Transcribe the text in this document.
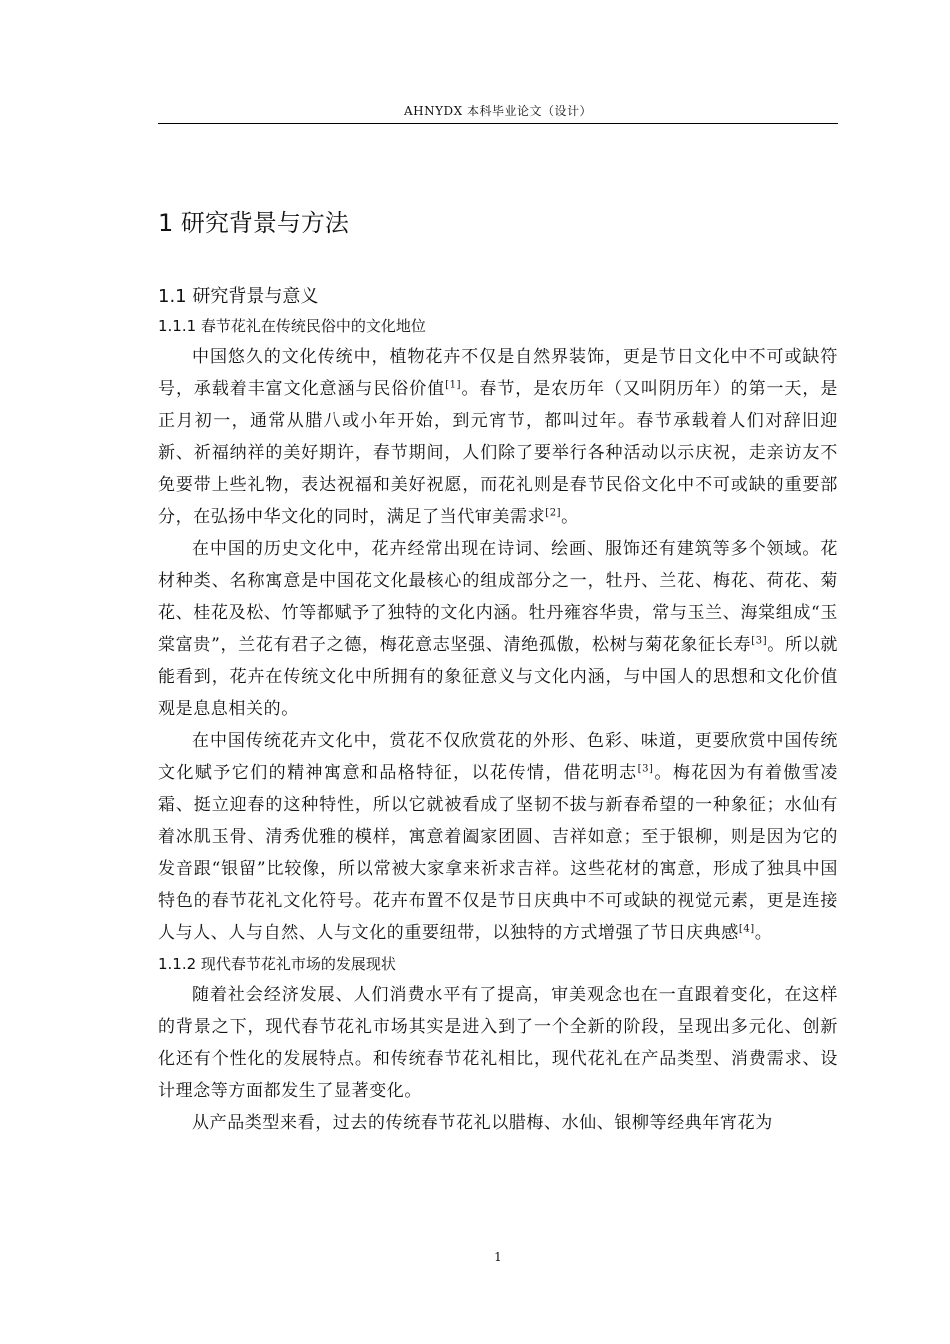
AHNYDX 本科毕业论文（设计）
1 研究背景与方法
1.1 研究背景与意义
1.1.1 春节花礼在传统民俗中的文化地位

中国悠久的文化传统中，植物花卉不仅是自然界装饰，更是节日文化中不可或缺符号，承载着丰富文化意涵与民俗价值[1]。春节，是农历年（又叫阴历年）的第一天，是正月初一，通常从腊八或小年开始，到元宵节，都叫过年。春节承载着人们对辞旧迎新、祈福纳祥的美好期许，春节期间，人们除了要举行各种活动以示庆祝，走亲访友不免要带上些礼物，表达祝福和美好祝愿，而花礼则是春节民俗文化中不可或缺的重要部分，在弘扬中华文化的同时，满足了当代审美需求[2]。

在中国的历史文化中，花卉经常出现在诗词、绘画、服饰还有建筑等多个领域。花材种类、名称寓意是中国花文化最核心的组成部分之一，牡丹、兰花、梅花、荷花、菊花、桂花及松、竹等都赋予了独特的文化内涵。牡丹雍容华贵，常与玉兰、海棠组成“玉棠富贵”，兰花有君子之德，梅花意志坚强、清绝孤傲，松树与菊花象征长寿[3]。所以就能看到，花卉在传统文化中所拥有的象征意义与文化内涵，与中国人的思想和文化价值观是息息相关的。

在中国传统花卉文化中，赏花不仅欣赏花的外形、色彩、味道，更要欣赏中国传统文化赋予它们的精神寓意和品格特征，以花传情，借花明志[3]。梅花因为有着傲雪凌霜、挺立迎春的这种特性，所以它就被看成了坚韧不拔与新春希望的一种象征；水仙有着冰肌玉骨、清秀优雅的模样，寓意着阖家团圆、吉祥如意；至于银柳，则是因为它的发音跟“银留”比较像，所以常被大家拿来祈求吉祥。这些花材的寓意，形成了独具中国特色的春节花礼文化符号。花卉布置不仅是节日庆典中不可或缺的视觉元素，更是连接人与人、人与自然、人与文化的重要纽带，以独特的方式增强了节日庆典感[4]。

1.1.2 现代春节花礼市场的发展现状

随着社会经济发展、人们消费水平有了提高，审美观念也在一直跟着变化，在这样的背景之下，现代春节花礼市场其实是进入到了一个全新的阶段，呈现出多元化、创新化还有个性化的发展特点。和传统春节花礼相比，现代花礼在产品类型、消费需求、设计理念等方面都发生了显著变化。

从产品类型来看，过去的传统春节花礼以腊梅、水仙、银柳等经典年宵花为

1
